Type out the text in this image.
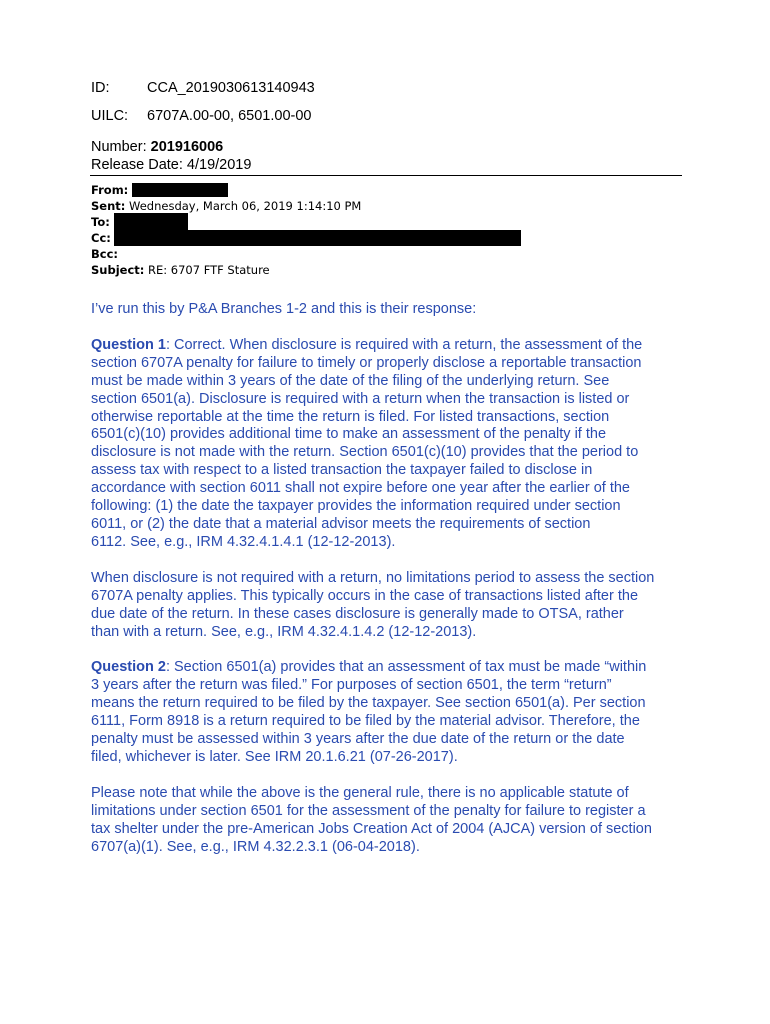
ID:	CCA_2019030613140943
UILC: 6707A.00-00, 6501.00-00
Number: 201916006
Release Date: 4/19/2019
From:
Sent: Wednesday, March 06, 2019 1:14:10 PM
To:
Cc:
Bcc:
Subject: RE: 6707 FTF Stature
I’ve run this by P&A Branches 1-2 and this is their response:
Question 1: Correct. When disclosure is required with a return, the assessment of the
section 6707A penalty for failure to timely or properly disclose a reportable transaction
must be made within 3 years of the date of the filing of the underlying return. See
section 6501(a). Disclosure is required with a return when the transaction is listed or
otherwise reportable at the time the return is filed. For listed transactions, section
6501(c)(10) provides additional time to make an assessment of the penalty if the
disclosure is not made with the return. Section 6501(c)(10) provides that the period to
assess tax with respect to a listed transaction the taxpayer failed to disclose in
accordance with section 6011 shall not expire before one year after the earlier of the
following: (1) the date the taxpayer provides the information required under section
6011, or (2) the date that a material advisor meets the requirements of section
6112. See, e.g., IRM 4.32.4.1.4.1 (12-12-2013).
When disclosure is not required with a return, no limitations period to assess the section
6707A penalty applies. This typically occurs in the case of transactions listed after the
due date of the return. In these cases disclosure is generally made to OTSA, rather
than with a return. See, e.g., IRM 4.32.4.1.4.2 (12-12-2013).
Question 2: Section 6501(a) provides that an assessment of tax must be made “within
3 years after the return was filed.” For purposes of section 6501, the term “return”
means the return required to be filed by the taxpayer. See section 6501(a). Per section
6111, Form 8918 is a return required to be filed by the material advisor. Therefore, the
penalty must be assessed within 3 years after the due date of the return or the date
filed, whichever is later. See IRM 20.1.6.21 (07-26-2017).
Please note that while the above is the general rule, there is no applicable statute of
limitations under section 6501 for the assessment of the penalty for failure to register a
tax shelter under the pre-American Jobs Creation Act of 2004 (AJCA) version of section
6707(a)(1). See, e.g., IRM 4.32.2.3.1 (06-04-2018).
